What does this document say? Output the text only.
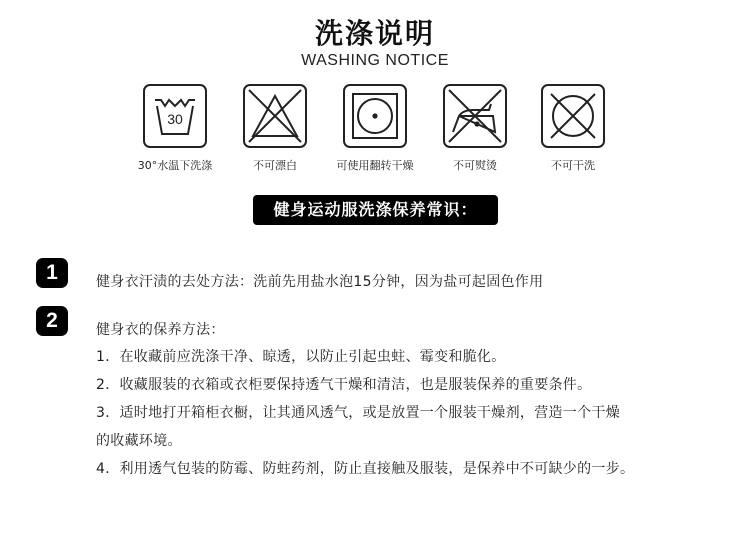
洗涤说明
WASHING NOTICE
30
30°水温下洗涤	不可漂白	可使用翻转干燥	不可熨烫	不可干洗
健身运动服洗涤保养常识：
1	健身衣汗渍的去处方法：洗前先用盐水泡15分钟，因为盐可起固色作用
2	健身衣的保养方法：
1．在收藏前应洗涤干净、晾透，以防止引起虫蛀、霉变和脆化。
2．收藏服装的衣箱或衣柜要保持透气干燥和清洁，也是服装保养的重要条件。
3．适时地打开箱柜衣橱，让其通风透气，或是放置一个服装干燥剂，营造一个干燥
的收藏环境。
4．利用透气包装的防霉、防蛀药剂，防止直接触及服装，是保养中不可缺少的一步。
